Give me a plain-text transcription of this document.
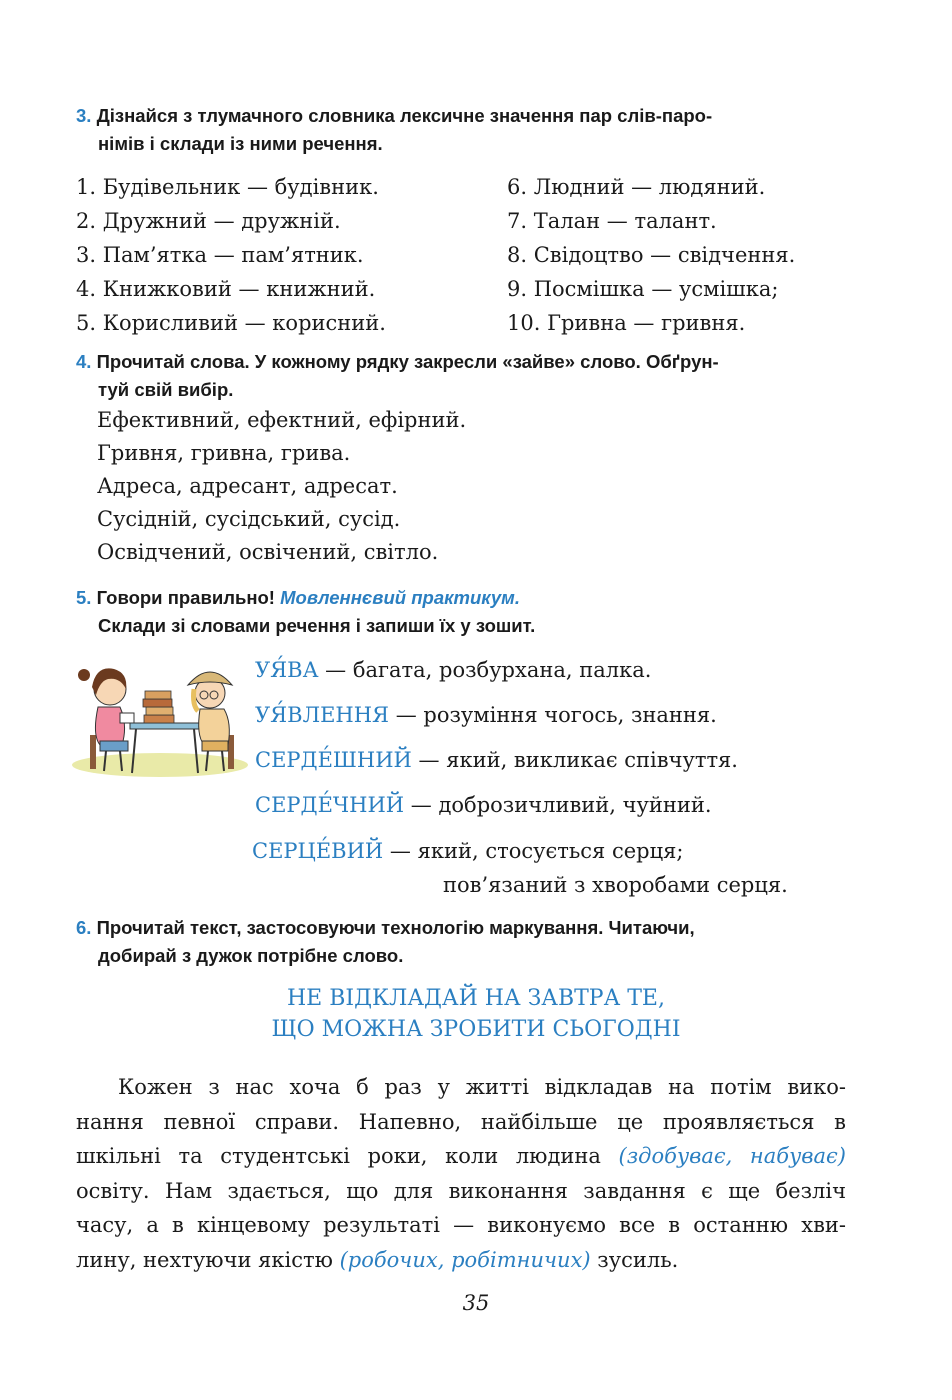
3. Дізнайся з тлумачного словника лексичне значення пар слів-паро-
німів і склади із ними речення.
1. Будівельник — будівник.
2. Дружний — дружній.
3. Пам’ятка — пам’ятник.
4. Книжковий — книжний.
5. Корисливий — корисний.
6. Людний — людяний.
7. Талан — талант.
8. Свідоцтво — свідчення.
9. Посмішка — усмішка;
10. Гривна — гривня.
4. Прочитай слова. У кожному рядку закресли «зайве» слово. Обґрун-
туй свій вибір.
Ефективний, ефектний, ефірний.
Гривня, гривна, грива.
Адреса, адресант, адресат.
Сусідній, сусідський, сусід.
Освідчений, освічений, світло.
5. Говори правильно! Мовленнєвий практикум.
Склади зі словами речення і запиши їх у зошит.
УЯ́ВА — багата, розбурхана, палка.
УЯ́ВЛЕННЯ — розуміння чогось, знання.
СЕРДЕ́ШНИЙ — який, викликає співчуття.
СЕРДЕ́ЧНИЙ — доброзичливий, чуйний.
СЕРЦЕ́ВИЙ — який, стосується серця;
пов’язаний з хворобами серця.
6. Прочитай текст, застосовуючи технологію маркування. Читаючи,
добирай з дужок потрібне слово.
НЕ ВІДКЛАДАЙ НА ЗАВТРА ТЕ,
ЩО МОЖНА ЗРОБИТИ СЬОГОДНІ
Кожен з нас хоча б раз у житті відкладав на потім вико-
нання певної справи. Напевно, найбільше це проявляється в
шкільні та студентські роки, коли людина (здобуває, набуває)
освіту. Нам здається, що для виконання завдання є ще безліч
часу, а в кінцевому результаті — виконуємо все в останню хви-
лину, нехтуючи якістю (робочих, робітничих) зусиль.
35
